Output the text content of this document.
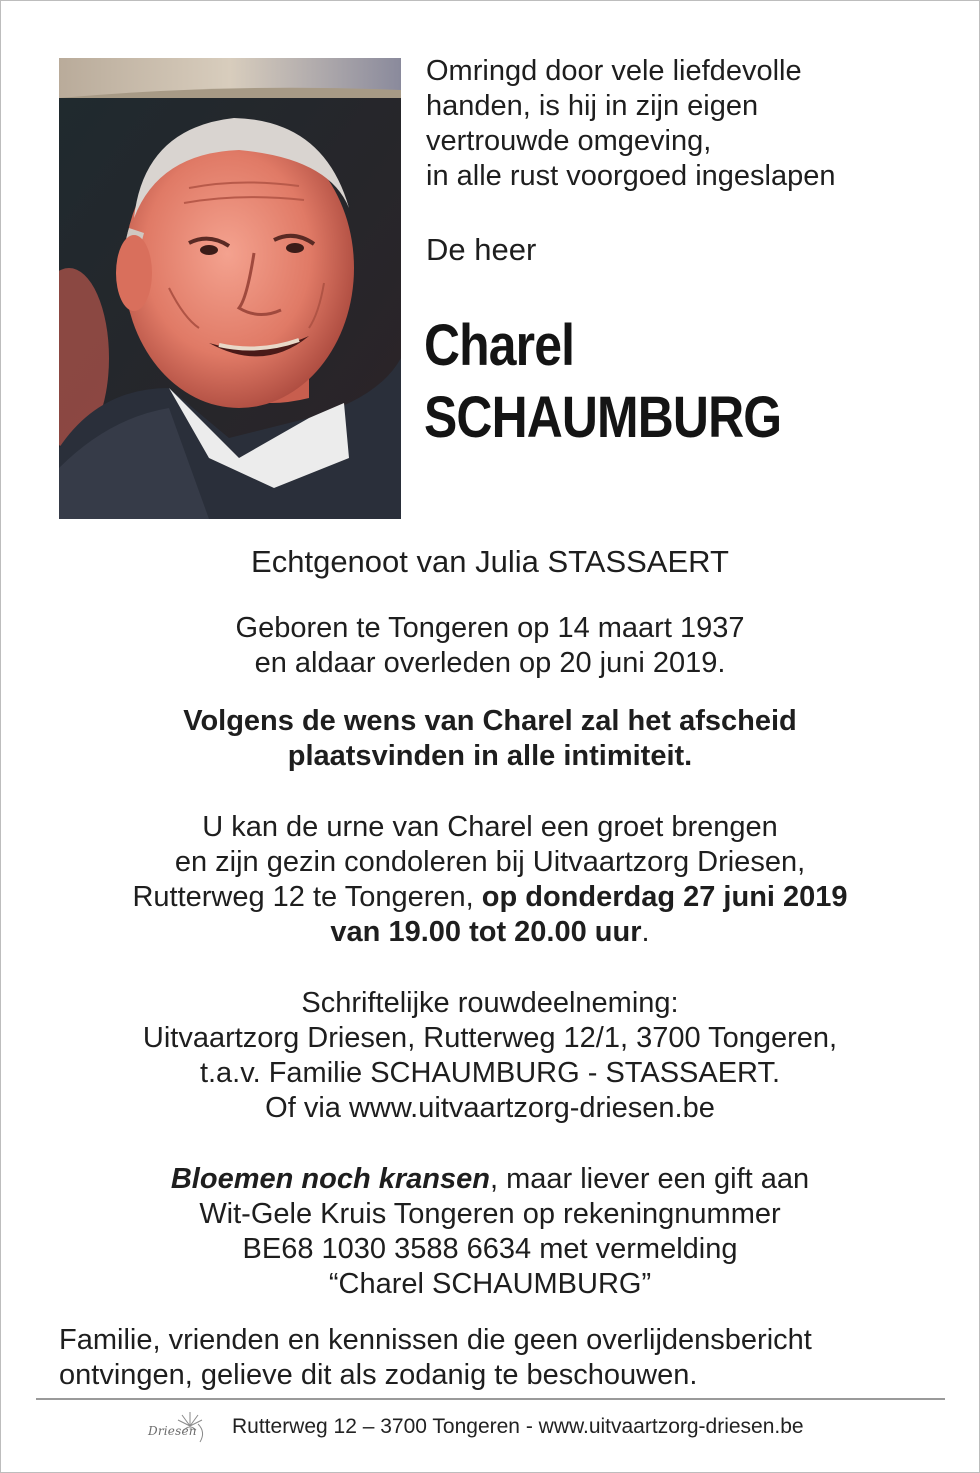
Omringd door vele liefdevolle
handen, is hij in zijn eigen
vertrouwde omgeving,
in alle rust voorgoed ingeslapen
De heer
Charel
SCHAUMBURG
Echtgenoot van Julia STASSAERT
Geboren te Tongeren op 14 maart 1937
en aldaar overleden op 20 juni 2019.
Volgens de wens van Charel zal het afscheid
plaatsvinden in alle intimiteit.
U kan de urne van Charel een groet brengen
en zijn gezin condoleren bij Uitvaartzorg Driesen,
Rutterweg 12 te Tongeren, op donderdag 27 juni 2019
van 19.00 tot 20.00 uur.
Schriftelijke rouwdeelneming:
Uitvaartzorg Driesen, Rutterweg 12/1, 3700 Tongeren,
t.a.v. Familie SCHAUMBURG - STASSAERT.
Of via www.uitvaartzorg-driesen.be
Bloemen noch kransen, maar liever een gift aan
Wit-Gele Kruis Tongeren op rekeningnummer
BE68 1030 3588 6634 met vermelding
“Charel SCHAUMBURG”
Familie, vrienden en kennissen die geen overlijdensbericht
ontvingen, gelieve dit als zodanig te beschouwen.
Driesen Rutterweg 12 – 3700 Tongeren - www.uitvaartzorg-driesen.be
